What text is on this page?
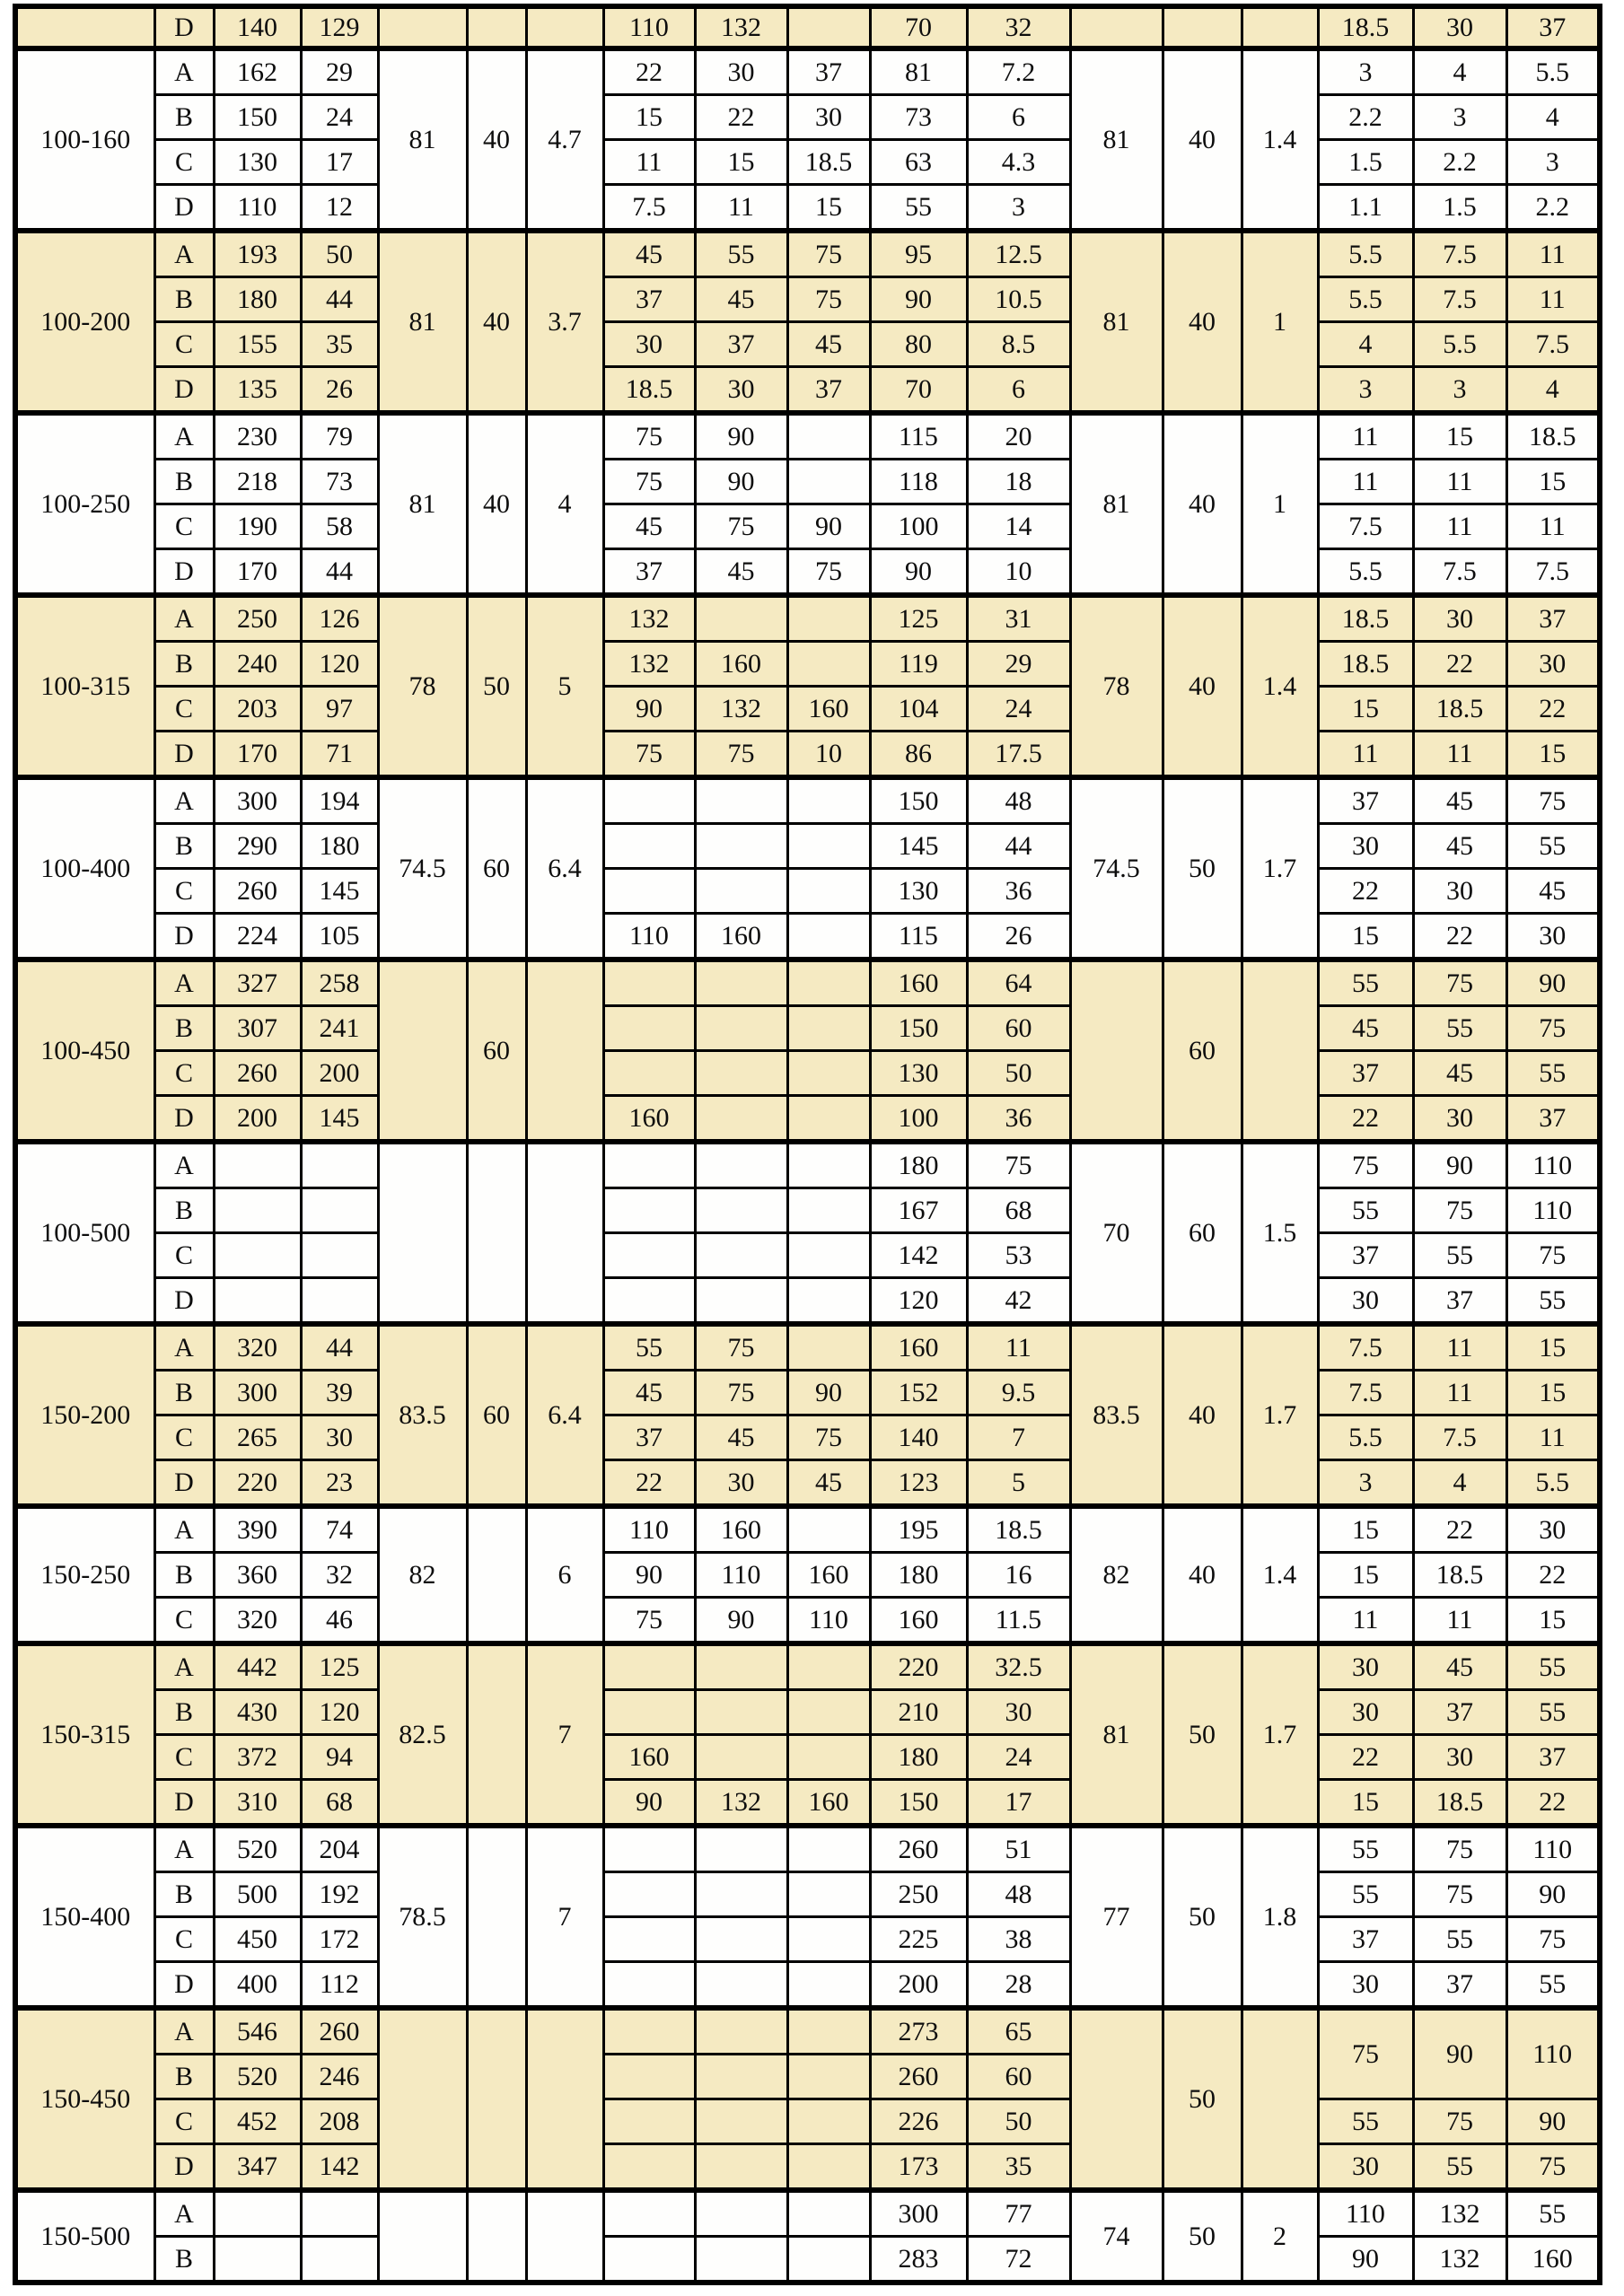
	D	140	129				110	132		70	32				18.5	30	37
100-160	A	162	29	81	40	4.7	22	30	37	81	7.2	81	40	1.4	3	4	5.5
	B	150	24				15	22	30	73	6				2.2	3	4
	C	130	17				11	15	18.5	63	4.3				1.5	2.2	3
	D	110	12				7.5	11	15	55	3				1.1	1.5	2.2
100-200	A	193	50	81	40	3.7	45	55	75	95	12.5	81	40	1	5.5	7.5	11
	B	180	44				37	45	75	90	10.5				5.5	7.5	11
	C	155	35				30	37	45	80	8.5				4	5.5	7.5
	D	135	26				18.5	30	37	70	6				3	3	4
100-250	A	230	79	81	40	4	75	90		115	20	81	40	1	11	15	18.5
	B	218	73				75	90		118	18				11	11	15
	C	190	58				45	75	90	100	14				7.5	11	11
	D	170	44				37	45	75	90	10				5.5	7.5	7.5
100-315	A	250	126	78	50	5	132			125	31	78	40	1.4	18.5	30	37
	B	240	120				132	160		119	29				18.5	22	30
	C	203	97				90	132	160	104	24				15	18.5	22
	D	170	71				75	75	10	86	17.5				11	11	15
100-400	A	300	194	74.5	60	6.4				150	48	74.5	50	1.7	37	45	75
	B	290	180							145	44				30	45	55
	C	260	145							130	36				22	30	45
	D	224	105				110	160		115	26				15	22	30
100-450	A	327	258		60					160	64		60		55	75	90
	B	307	241							150	60				45	55	75
	C	260	200							130	50				37	45	55
	D	200	145				160			100	36				22	30	37
100-500	A									180	75	70	60	1.5	75	90	110
	B									167	68				55	75	110
	C									142	53				37	55	75
	D									120	42				30	37	55
150-200	A	320	44	83.5	60	6.4	55	75		160	11	83.5	40	1.7	7.5	11	15
	B	300	39				45	75	90	152	9.5				7.5	11	15
	C	265	30				37	45	75	140	7				5.5	7.5	11
	D	220	23				22	30	45	123	5				3	4	5.5
150-250	A	390	74	82		6	110	160		195	18.5	82	40	1.4	15	22	30
	B	360	32				90	110	160	180	16				15	18.5	22
	C	320	46				75	90	110	160	11.5				11	11	15
150-315	A	442	125	82.5		7				220	32.5	81	50	1.7	30	45	55
	B	430	120							210	30				30	37	55
	C	372	94				160			180	24				22	30	37
	D	310	68				90	132	160	150	17				15	18.5	22
150-400	A	520	204	78.5		7				260	51	77	50	1.8	55	75	110
	B	500	192							250	48				55	75	90
	C	450	172							225	38				37	55	75
	D	400	112							200	28				30	37	55
150-450	A	546	260							273	65		50		75	90	110
	B	520	246							260	60						
	C	452	208							226	50				55	75	90
	D	347	142							173	35				30	55	75
150-500	A									300	77	74	50	2	110	132	55
	B									283	72				90	132	160
